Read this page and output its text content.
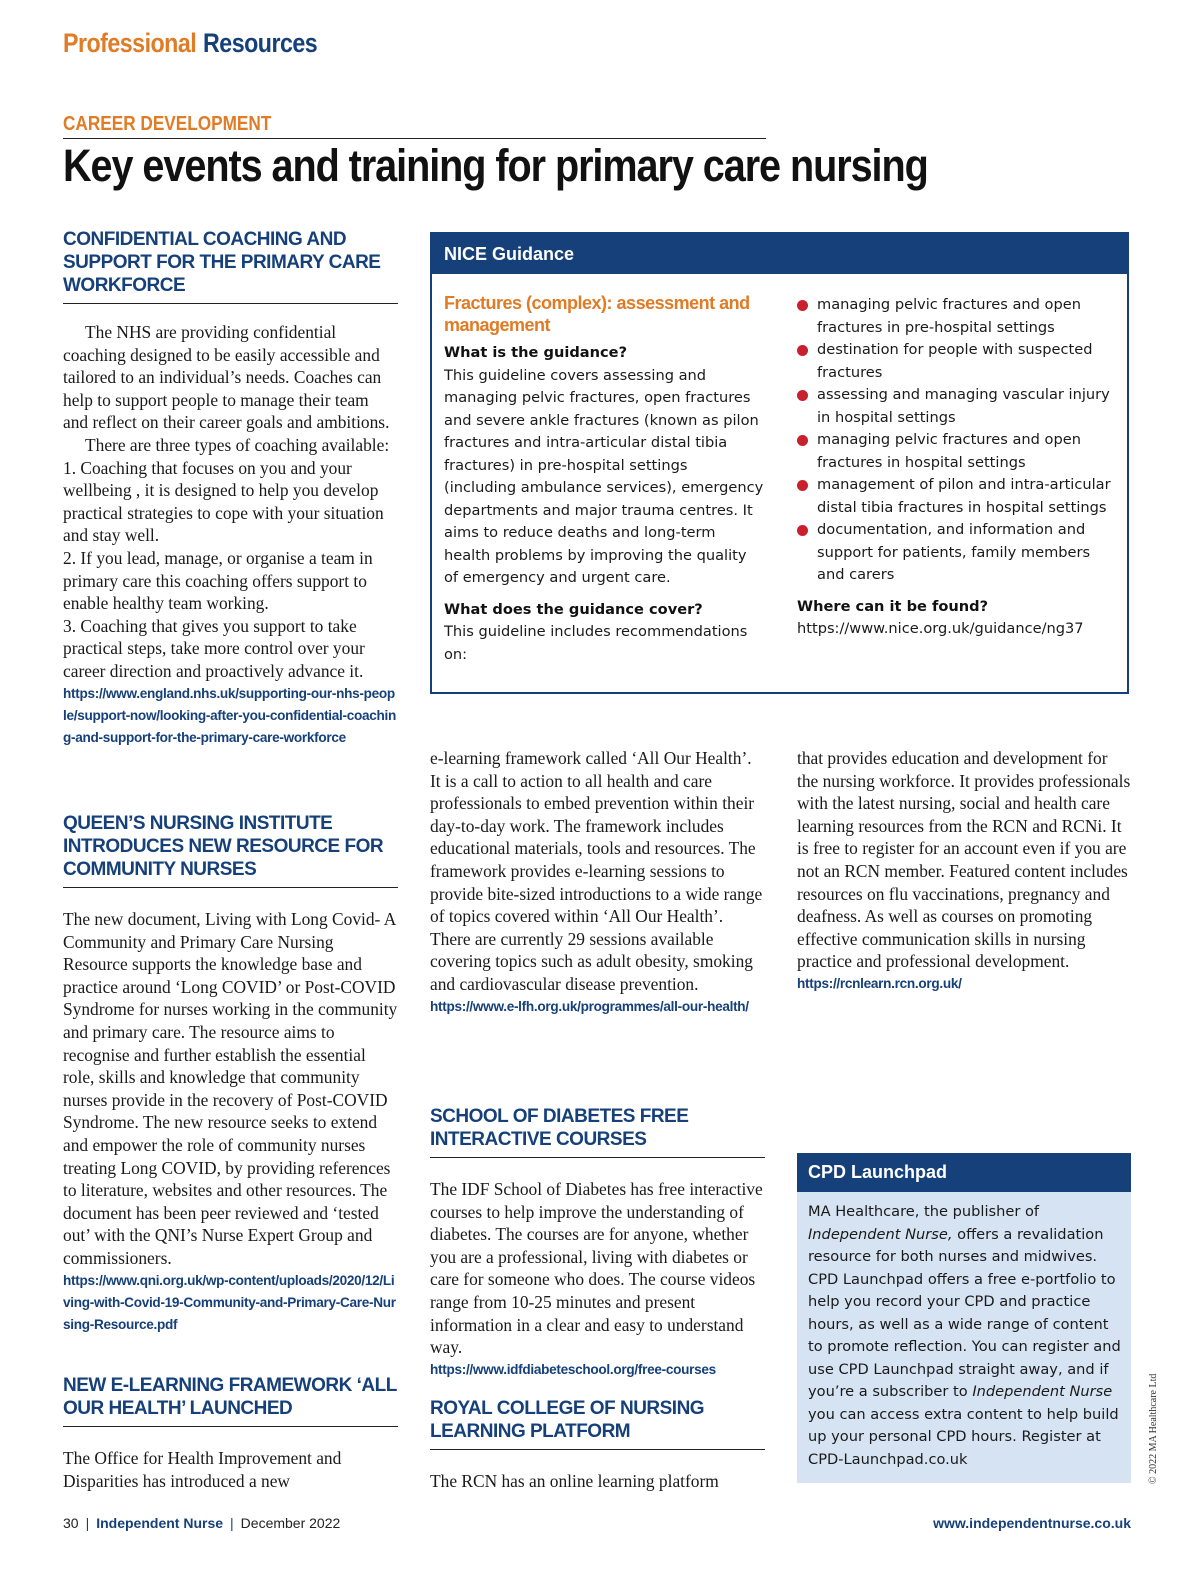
Professional Resources
CAREER DEVELOPMENT
Key events and training for primary care nursing
CONFIDENTIAL COACHING AND SUPPORT FOR THE PRIMARY CARE WORKFORCE

The NHS are providing confidential coaching designed to be easily accessible and tailored to an individual’s needs. Coaches can help to support people to manage their team and reflect on their career goals and ambitions.

There are three types of coaching available:

1. Coaching that focuses on you and your wellbeing , it is designed to help you develop practical strategies to cope with your situation and stay well.

2. If you lead, manage, or organise a team in primary care this coaching offers support to enable healthy team working.

3. Coaching that gives you support to take practical steps, take more control over your career direction and proactively advance it.

https://www.england.nhs.uk/supporting-our-nhs-people/support-now/looking-after-you-confidential-coaching-and-support-for-the-primary-care-workforce
QUEEN’S NURSING INSTITUTE INTRODUCES NEW RESOURCE FOR COMMUNITY NURSES

The new document, Living with Long Covid- A Community and Primary Care Nursing Resource supports the knowledge base and practice around ‘Long COVID’ or Post-COVID Syndrome for nurses working in the community and primary care. The resource aims to recognise and further establish the essential role, skills and knowledge that community nurses provide in the recovery of Post-COVID Syndrome. The new resource seeks to extend and empower the role of community nurses treating Long COVID, by providing references to literature, websites and other resources. The document has been peer reviewed and ‘tested out’ with the QNI’s Nurse Expert Group and commissioners.

https://www.qni.org.uk/wp-content/uploads/2020/12/Living-with-Covid-19-Community-and-Primary-Care-Nursing-Resource.pdf
NEW E-LEARNING FRAMEWORK ‘ALL OUR HEALTH’ LAUNCHED

The Office for Health Improvement and Disparities has introduced a new

NICE Guidance
Fractures (complex): assessment and management
What is the guidance?

This guideline covers assessing and managing pelvic fractures, open fractures and severe ankle fractures (known as pilon fractures and intra-articular distal tibia fractures) in pre-hospital settings (including ambulance services), emergency departments and major trauma centres. It aims to reduce deaths and long-term health problems by improving the quality of emergency and urgent care.

What does the guidance cover?

This guideline includes recommendations on:

managing pelvic fractures and open fractures in pre-hospital settings
destination for people with suspected fractures
assessing and managing vascular injury in hospital settings
managing pelvic fractures and open fractures in hospital settings
management of pilon and intra-articular distal tibia fractures in hospital settings
documentation, and information and support for patients, family members and carers
Where can it be found?

https://www.nice.org.uk/guidance/ng37

e-learning framework called ‘All Our Health’. It is a call to action to all health and care professionals to embed prevention within their day-to-day work. The framework includes educational materials, tools and resources. The framework provides e-learning sessions to provide bite-sized introductions to a wide range of topics covered within ‘All Our Health’. There are currently 29 sessions available covering topics such as adult obesity, smoking and cardiovascular disease prevention.

https://www.e-lfh.org.uk/programmes/all-our-health/
SCHOOL OF DIABETES FREE INTERACTIVE COURSES

The IDF School of Diabetes has free interactive courses to help improve the understanding of diabetes. The courses are for anyone, whether you are a professional, living with diabetes or care for someone who does. The course videos range from 10-25 minutes and present information in a clear and easy to understand way.

https://www.idfdiabeteschool.org/free-courses
ROYAL COLLEGE OF NURSING LEARNING PLATFORM

The RCN has an online learning platform

that provides education and development for the nursing workforce. It provides professionals with the latest nursing, social and health care learning resources from the RCN and RCNi. It is free to register for an account even if you are not an RCN member. Featured content includes resources on flu vaccinations, pregnancy and deafness. As well as courses on promoting effective communication skills in nursing practice and professional development.

https://rcnlearn.rcn.org.uk/
CPD Launchpad

MA Healthcare, the publisher of Independent Nurse, offers a revalidation resource for both nurses and midwives. CPD Launchpad offers a free e-portfolio to help you record your CPD and practice hours, as well as a wide range of content to promote reflection. You can register and use CPD Launchpad straight away, and if you’re a subscriber to Independent Nurse you can access extra content to help build up your personal CPD hours. Register at CPD-Launchpad.co.uk	© 2022 MA Healthcare Ltd
30 | Independent Nurse | December 2022	www.independentnurse.co.uk
